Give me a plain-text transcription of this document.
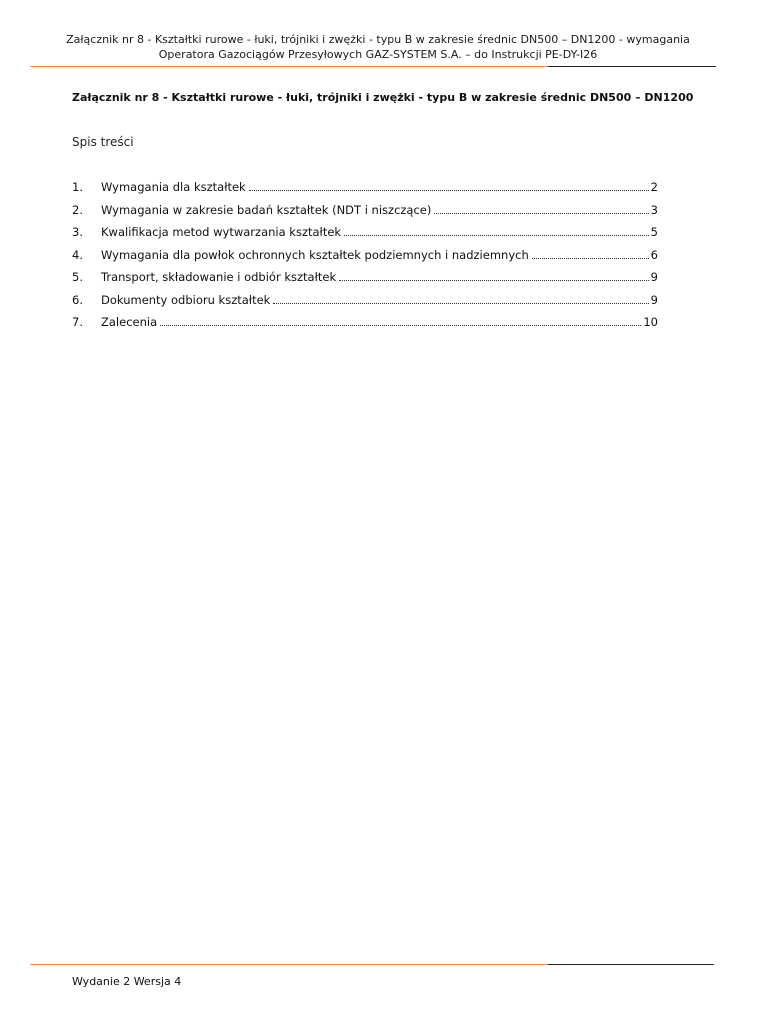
Załącznik nr 8 - Kształtki rurowe - łuki, trójniki i zwężki - typu B w zakresie średnic DN500 – DN1200 - wymagania
Operatora Gazociągów Przesyłowych GAZ-SYSTEM S.A. – do Instrukcji PE-DY-I26
Załącznik nr 8 - Kształtki rurowe - łuki, trójniki i zwężki - typu B w zakresie średnic DN500 – DN1200
Spis treści
1.	Wymagania dla kształtek	2
2.	Wymagania w zakresie badań kształtek (NDT i niszczące)	3
3.	Kwalifikacja metod wytwarzania kształtek	5
4.	Wymagania dla powłok ochronnych kształtek podziemnych i nadziemnych	6
5.	Transport, składowanie i odbiór kształtek	9
6.	Dokumenty odbioru kształtek	9
7.	Zalecenia	10
Wydanie 2 Wersja 4
